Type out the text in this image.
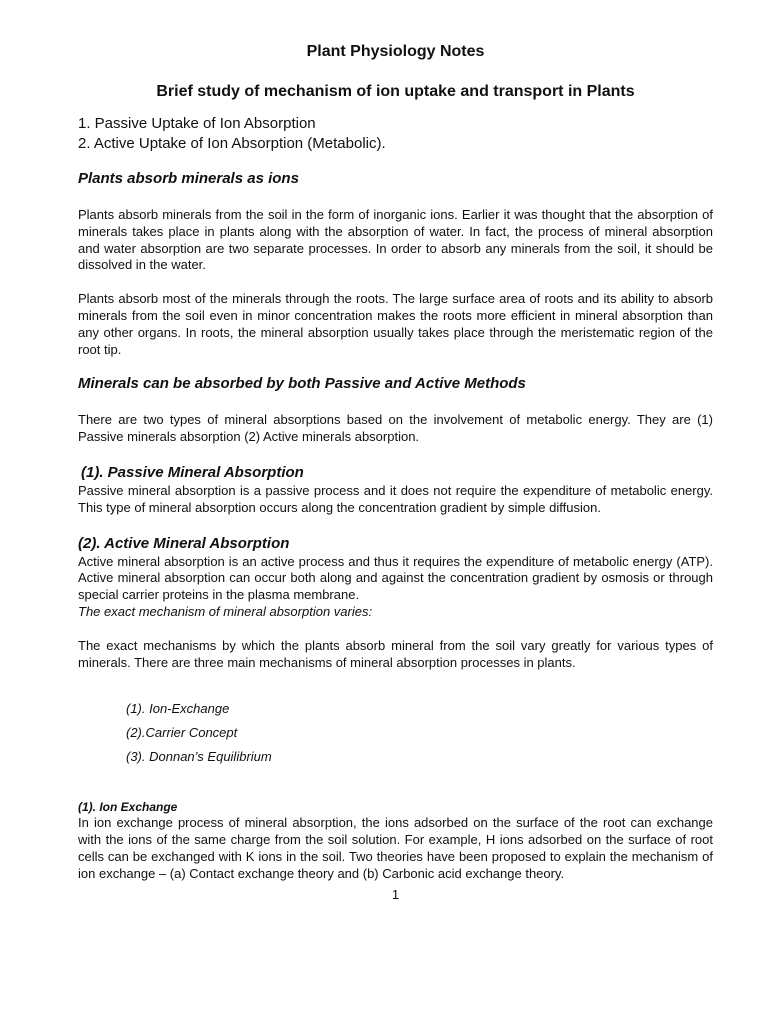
Plant Physiology Notes
Brief study of mechanism of ion uptake and transport in Plants
1. Passive Uptake of Ion Absorption
2. Active Uptake of Ion Absorption (Metabolic).
Plants absorb minerals as ions

Plants absorb minerals from the soil in the form of inorganic ions. Earlier it was thought that the absorption of minerals takes place in plants along with the absorption of water. In fact, the process of mineral absorption and water absorption are two separate processes. In order to absorb any minerals from the soil, it should be dissolved in the water.

Plants absorb most of the minerals through the roots. The large surface area of roots and its ability to absorb minerals from the soil even in minor concentration makes the roots more efficient in mineral absorption than any other organs. In roots, the mineral absorption usually takes place through the meristematic region of the root tip.

Minerals can be absorbed by both Passive and Active Methods

There are two types of mineral absorptions based on the involvement of metabolic energy. They are (1) Passive minerals absorption (2) Active minerals absorption.

(1). Passive Mineral Absorption

Passive mineral absorption is a passive process and it does not require the expenditure of metabolic energy. This type of mineral absorption occurs along the concentration gradient by simple diffusion.

(2). Active Mineral Absorption

Active mineral absorption is an active process and thus it requires the expenditure of metabolic energy (ATP). Active mineral absorption can occur both along and against the concentration gradient by osmosis or through special carrier proteins in the plasma membrane.

The exact mechanism of mineral absorption varies:

The exact mechanisms by which the plants absorb mineral from the soil vary greatly for various types of minerals. There are three main mechanisms of mineral absorption processes in plants.

(1). Ion-Exchange
(2).Carrier Concept
(3). Donnan’s Equilibrium
(1). Ion Exchange

In ion exchange process of mineral absorption, the ions adsorbed on the surface of the root can exchange with the ions of the same charge from the soil solution. For example, H ions adsorbed on the surface of root cells can be exchanged with K ions in the soil. Two theories have been proposed to explain the mechanism of ion exchange – (a) Contact exchange theory and (b) Carbonic acid exchange theory.

1
